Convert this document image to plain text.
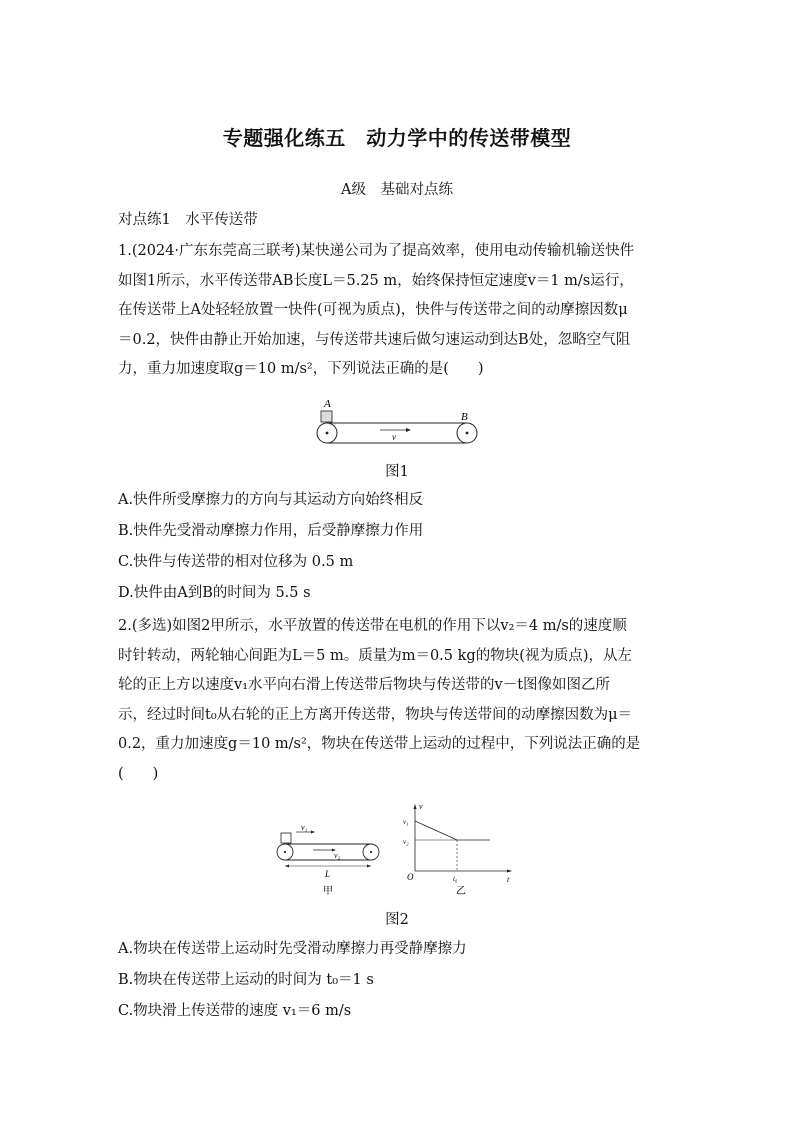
专题强化练五　动力学中的传送带模型
A级　基础对点练
对点练1　水平传送带
1.(2024·广东东莞高三联考)某快递公司为了提高效率，使用电动传输机输送快件
如图1所示，水平传送带AB长度L＝5.25 m，始终保持恒定速度v＝1 m/s运行，
在传送带上A处轻轻放置一快件(可视为质点)，快件与传送带之间的动摩擦因数μ
＝0.2，快件由静止开始加速，与传送带共速后做匀速运动到达B处，忽略空气阻
力，重力加速度取g＝10 m/s²，下列说法正确的是(　　)
A
B
v
图1
A.快件所受摩擦力的方向与其运动方向始终相反
B.快件先受滑动摩擦力作用，后受静摩擦力作用
C.快件与传送带的相对位移为 0.5 m
D.快件由A到B的时间为 5.5 s
2.(多选)如图2甲所示，水平放置的传送带在电机的作用下以v₂＝4 m/s的速度顺
时针转动，两轮轴心间距为L＝5 m。质量为m＝0.5 kg的物块(视为质点)，从左
轮的正上方以速度v₁水平向右滑上传送带后物块与传送带的v－t图像如图乙所
示，经过时间t₀从右轮的正上方离开传送带，物块与传送带间的动摩擦因数为μ＝
0.2，重力加速度g＝10 m/s²，物块在传送带上运动的过程中，下列说法正确的是
(　　)
v₁
v₂
L
甲
v
t
O
v₁
v₂
t₀
乙
图2
A.物块在传送带上运动时先受滑动摩擦力再受静摩擦力
B.物块在传送带上运动的时间为 t₀＝1 s
C.物块滑上传送带的速度 v₁＝6 m/s
